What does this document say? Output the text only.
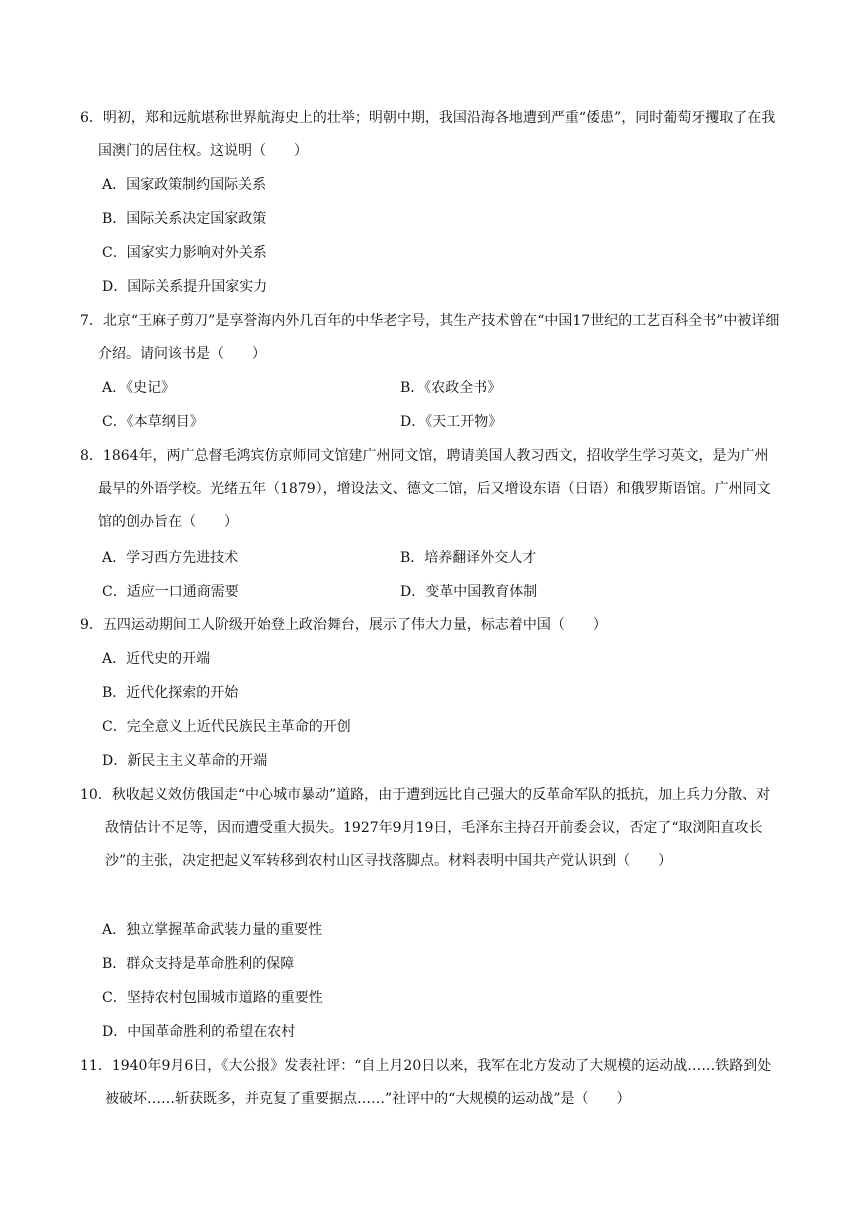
6．明初，郑和远航堪称世界航海史上的壮举；明朝中期，我国沿海各地遭到严重“倭患”，同时葡萄牙攫取了在我国澳门的居住权。这说明（　　）

A．国家政策制约国际关系
B．国际关系决定国家政策
C．国家实力影响对外关系
D．国际关系提升国家实力

7．北京“王麻子剪刀”是享誉海内外几百年的中华老字号，其生产技术曾在“中国17世纪的工艺百科全书”中被详细介绍。请问该书是（　　）

A．《史记》	B．《农政全书》
C．《本草纲目》	D．《天工开物》

8．1864年，两广总督毛鸿宾仿京师同文馆建广州同文馆，聘请美国人教习西文，招收学生学习英文，是为广州最早的外语学校。光绪五年（1879），增设法文、德文二馆，后又增设东语（日语）和俄罗斯语馆。广州同文馆的创办旨在（　　）

A．学习西方先进技术	B．培养翻译外交人才
C．适应一口通商需要	D．变革中国教育体制

9．五四运动期间工人阶级开始登上政治舞台，展示了伟大力量，标志着中国（　　）

A．近代史的开端
B．近代化探索的开始
C．完全意义上近代民族民主革命的开创
D．新民主主义革命的开端

10．秋收起义效仿俄国走“中心城市暴动”道路，由于遭到远比自己强大的反革命军队的抵抗，加上兵力分散、对敌情估计不足等，因而遭受重大损失。1927年9月19日，毛泽东主持召开前委会议，否定了“取浏阳直攻长沙”的主张，决定把起义军转移到农村山区寻找落脚点。材料表明中国共产党认识到（　　）

A．独立掌握革命武装力量的重要性
B．群众支持是革命胜利的保障
C．坚持农村包围城市道路的重要性
D．中国革命胜利的希望在农村

11．1940年9月6日，《大公报》发表社评：“自上月20日以来，我军在北方发动了大规模的运动战……铁路到处被破坏……斩获既多，并克复了重要据点……”社评中的“大规模的运动战”是（　　）
